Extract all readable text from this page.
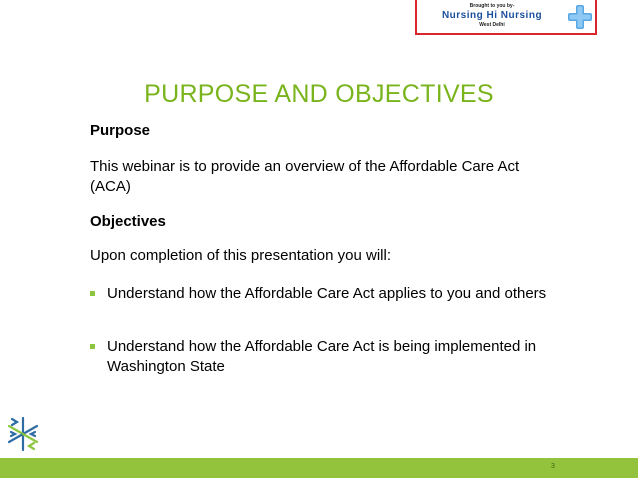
Brought to you by-
Nursing Hi Nursing
West Delhi
PURPOSE AND OBJECTIVES
Purpose
This webinar is to provide an overview of the Affordable Care Act (ACA)
Objectives
Upon completion of this presentation you will:
Understand how the Affordable Care Act applies to you and others
Understand how the Affordable Care Act is being implemented in Washington State
3
